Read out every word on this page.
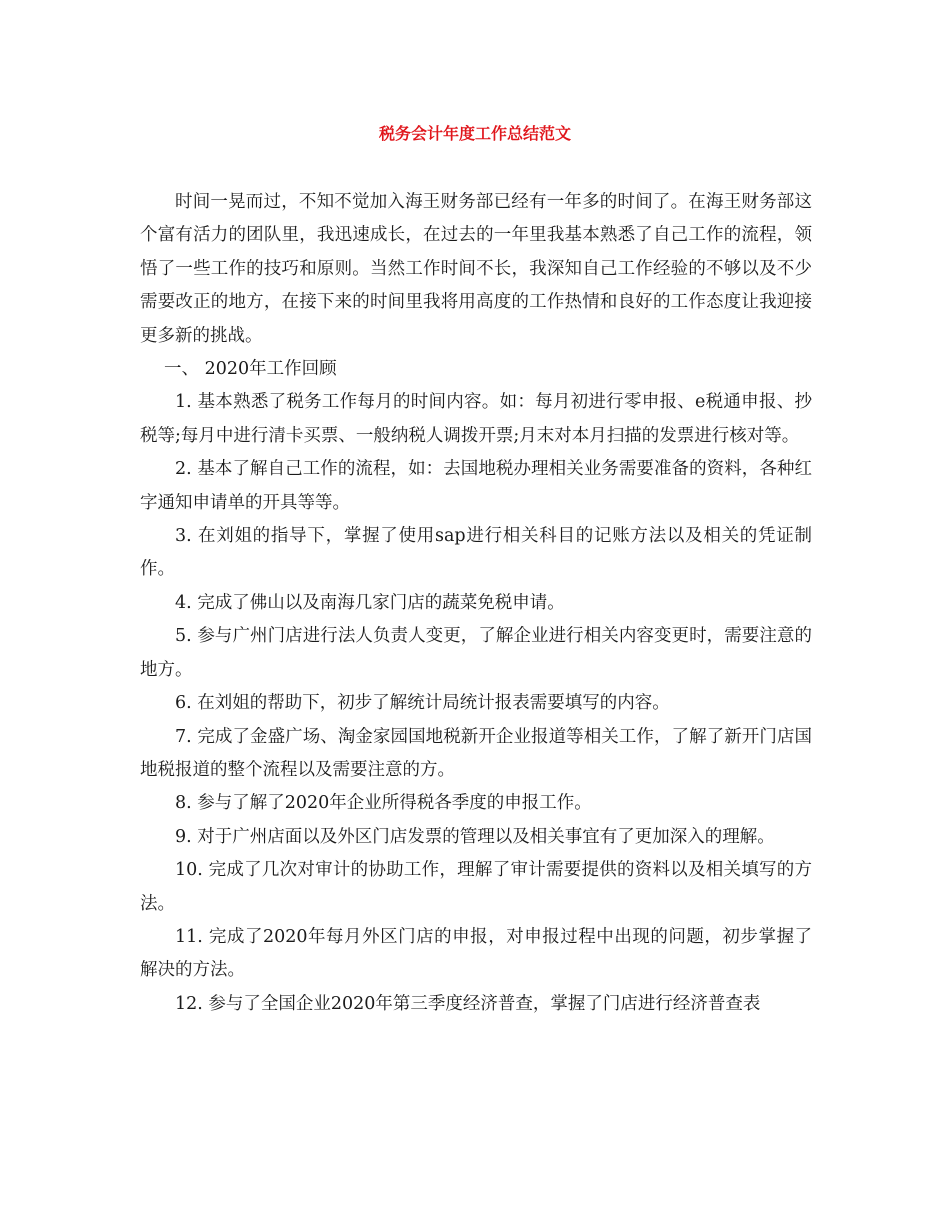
税务会计年度工作总结范文

时间一晃而过，不知不觉加入海王财务部已经有一年多的时间了。在海王财务部这个富有活力的团队里，我迅速成长，在过去的一年里我基本熟悉了自己工作的流程，领悟了一些工作的技巧和原则。当然工作时间不长，我深知自己工作经验的不够以及不少需要改正的地方，在接下来的时间里我将用高度的工作热情和良好的工作态度让我迎接更多新的挑战。

一、 2020年工作回顾

1. 基本熟悉了税务工作每月的时间内容。如：每月初进行零申报、e税通申报、抄税等;每月中进行清卡买票、一般纳税人调拨开票;月末对本月扫描的发票进行核对等。

2. 基本了解自己工作的流程，如：去国地税办理相关业务需要准备的资料，各种红字通知申请单的开具等等。

3. 在刘姐的指导下，掌握了使用sap进行相关科目的记账方法以及相关的凭证制作。

4. 完成了佛山以及南海几家门店的蔬菜免税申请。

5. 参与广州门店进行法人负责人变更，了解企业进行相关内容变更时，需要注意的地方。

6. 在刘姐的帮助下，初步了解统计局统计报表需要填写的内容。

7. 完成了金盛广场、淘金家园国地税新开企业报道等相关工作，了解了新开门店国地税报道的整个流程以及需要注意的方。

8. 参与了解了2020年企业所得税各季度的申报工作。

9. 对于广州店面以及外区门店发票的管理以及相关事宜有了更加深入的理解。

10. 完成了几次对审计的协助工作，理解了审计需要提供的资料以及相关填写的方法。

11. 完成了2020年每月外区门店的申报，对申报过程中出现的问题，初步掌握了解决的方法。

12. 参与了全国企业2020年第三季度经济普查，掌握了门店进行经济普查表
